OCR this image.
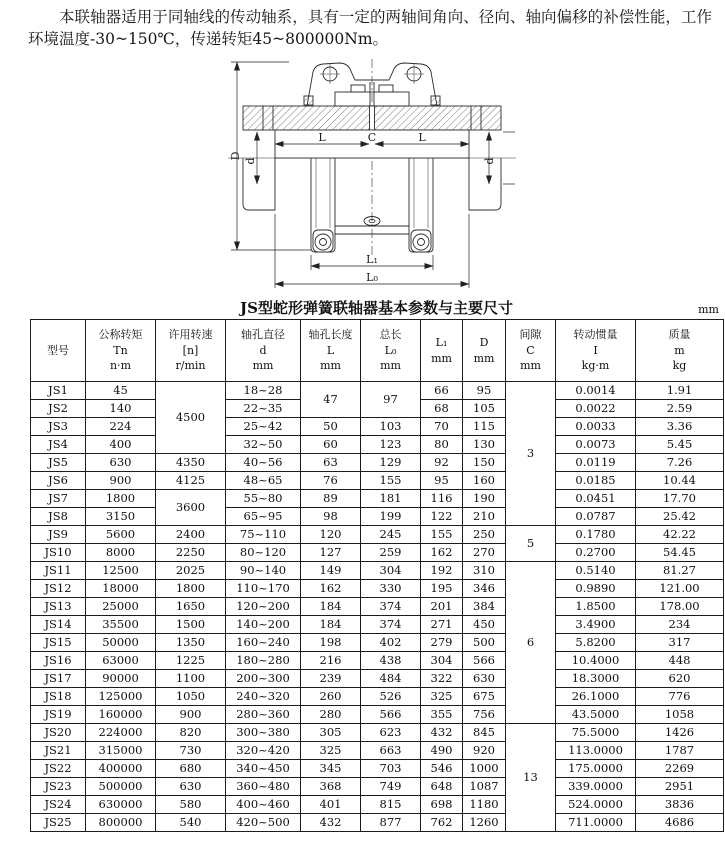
本联轴器适用于同轴线的传动轴系，具有一定的两轴间角向、径向、轴向偏移的补偿性能，工作环境温度-30~150℃，传递转矩45~800000Nm。

D
d	d
L	C	L
L₁
L₀
JS型蛇形弹簧联轴器基本参数与主要尺寸	mm
型号	公称转矩
Tn
n·m	许用转速
[n]
r/min	轴孔直径
d
mm	轴孔长度
L
mm	总长
L₀
mm	L₁
mm	D
mm	间隙
C
mm	转动惯量
I
kg·m	质量
m
kg
JS1	45	4500	18~28	47	97	66	95	3	0.0014	1.91
JS2	140		22~35			68	105		0.0022	2.59
JS3	224		25~42	50	103	70	115		0.0033	3.36
JS4	400		32~50	60	123	80	130		0.0073	5.45
JS5	630	4350	40~56	63	129	92	150		0.0119	7.26
JS6	900	4125	48~65	76	155	95	160		0.0185	10.44
JS7	1800	3600	55~80	89	181	116	190		0.0451	17.70
JS8	3150		65~95	98	199	122	210		0.0787	25.42
JS9	5600	2400	75~110	120	245	155	250	5	0.1780	42.22
JS10	8000	2250	80~120	127	259	162	270		0.2700	54.45
JS11	12500	2025	90~140	149	304	192	310	6	0.5140	81.27
JS12	18000	1800	110~170	162	330	195	346		0.9890	121.00
JS13	25000	1650	120~200	184	374	201	384		1.8500	178.00
JS14	35500	1500	140~200	184	374	271	450		3.4900	234
JS15	50000	1350	160~240	198	402	279	500		5.8200	317
JS16	63000	1225	180~280	216	438	304	566		10.4000	448
JS17	90000	1100	200~300	239	484	322	630		18.3000	620
JS18	125000	1050	240~320	260	526	325	675		26.1000	776
JS19	160000	900	280~360	280	566	355	756		43.5000	1058
JS20	224000	820	300~380	305	623	432	845	13	75.5000	1426
JS21	315000	730	320~420	325	663	490	920		113.0000	1787
JS22	400000	680	340~450	345	703	546	1000		175.0000	2269
JS23	500000	630	360~480	368	749	648	1087		339.0000	2951
JS24	630000	580	400~460	401	815	698	1180		524.0000	3836
JS25	800000	540	420~500	432	877	762	1260		711.0000	4686
